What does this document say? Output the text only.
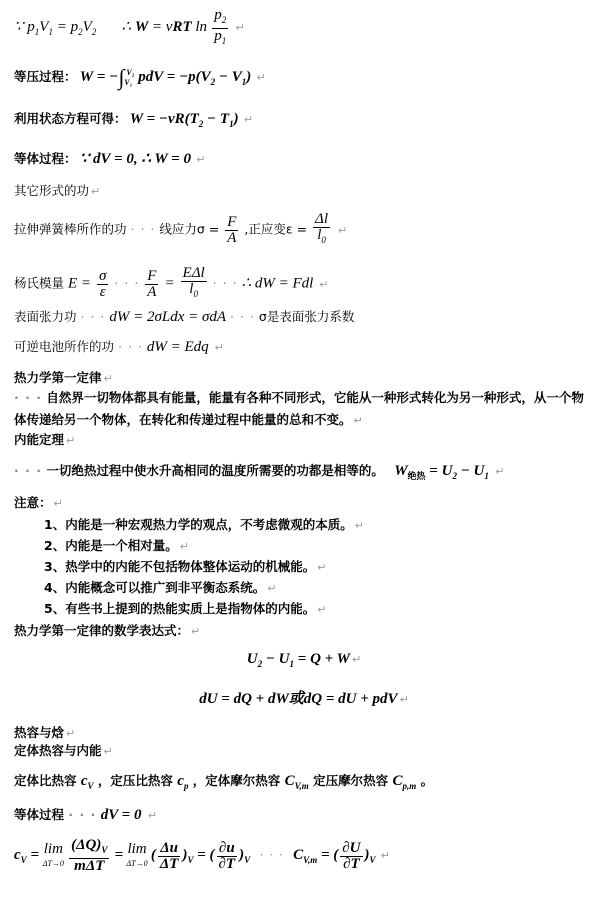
∵ $p_1V_1 = p_2V_2$ ∴ W = νRT $\ln \frac{p_2}{p_1}$ ↵
等压过程： $W = -\int_{V_1}^{V_2}$ pdV = $-p(V_2 - V_1)$ ↵
利用状态方程可得： $W = -\nu R(T_2 - T_1)$ ↵
等体过程： ∵ dV = 0, ∴ W = 0 ↵
其它形式的功 ↵
拉伸弹簧棒所作的功 · · · 线应力$\sigma = \frac{F}{A}$ ,正应变$\varepsilon = \frac{\Delta l}{l_0}$ ↵
杨氏模量 $E = \frac{\sigma}{\varepsilon}$ · · · $\frac{F}{A} = \frac{\text{EΔl}}{l_0}$ · · · ∴ dW = Fdl ↵
表面张力功 · · · dW = 2σLdx = σdA · · · σ是表面张力系数
可逆电池所作的功 · · · dW = Edq ↵
热力学第一定律 ↵
· · · 自然界一切物体都具有能量，能量有各种不同形式，它能从一种形式转化为另一种形式，从一个物体传递给另一个物体，在转化和传递过程中能量的总和不变。 ↵
内能定理 ↵
· · · 一切绝热过程中使水升高相同的温度所需要的功都是相等的。 $W_{绝热} = U_2 - U_1$ ↵
注意： ↵
1、内能是一种宏观热力学的观点，不考虑微观的本质。 ↵
2、内能是一个相对量。 ↵
3、热学中的内能不包括物体整体运动的机械能。 ↵
4、内能概念可以推广到非平衡态系统。 ↵
5、有些书上提到的热能实质上是指物体的内能。 ↵
热力学第一定律的数学表达式： ↵
$U_2 - U_1 = Q + W$ ↵
dU = dQ + dW或dQ = dU + pdV ↵
热容与焓 ↵
定体热容与内能 ↵
定体比热容 $c_V$ ，定压比热容 $c_p$ ，定体摩尔热容 $C_{V,m}$ 定压摩尔热容 $C_{p,m}$ 。
等体过程 · · · dV = 0 ↵
$c_V = \lim$
$\Delta T\to 0 \frac{(\Delta Q)_V}{\text{mΔT}} = \lim$
ΔT→0 ( $\frac{\Delta u}{\Delta T} )_V$ = ( $\frac{\partial u}{\partial T} )_V$ · · · $C_{V,m}$ = ( $\frac{\partial U}{\partial T} )_V$ ↵
